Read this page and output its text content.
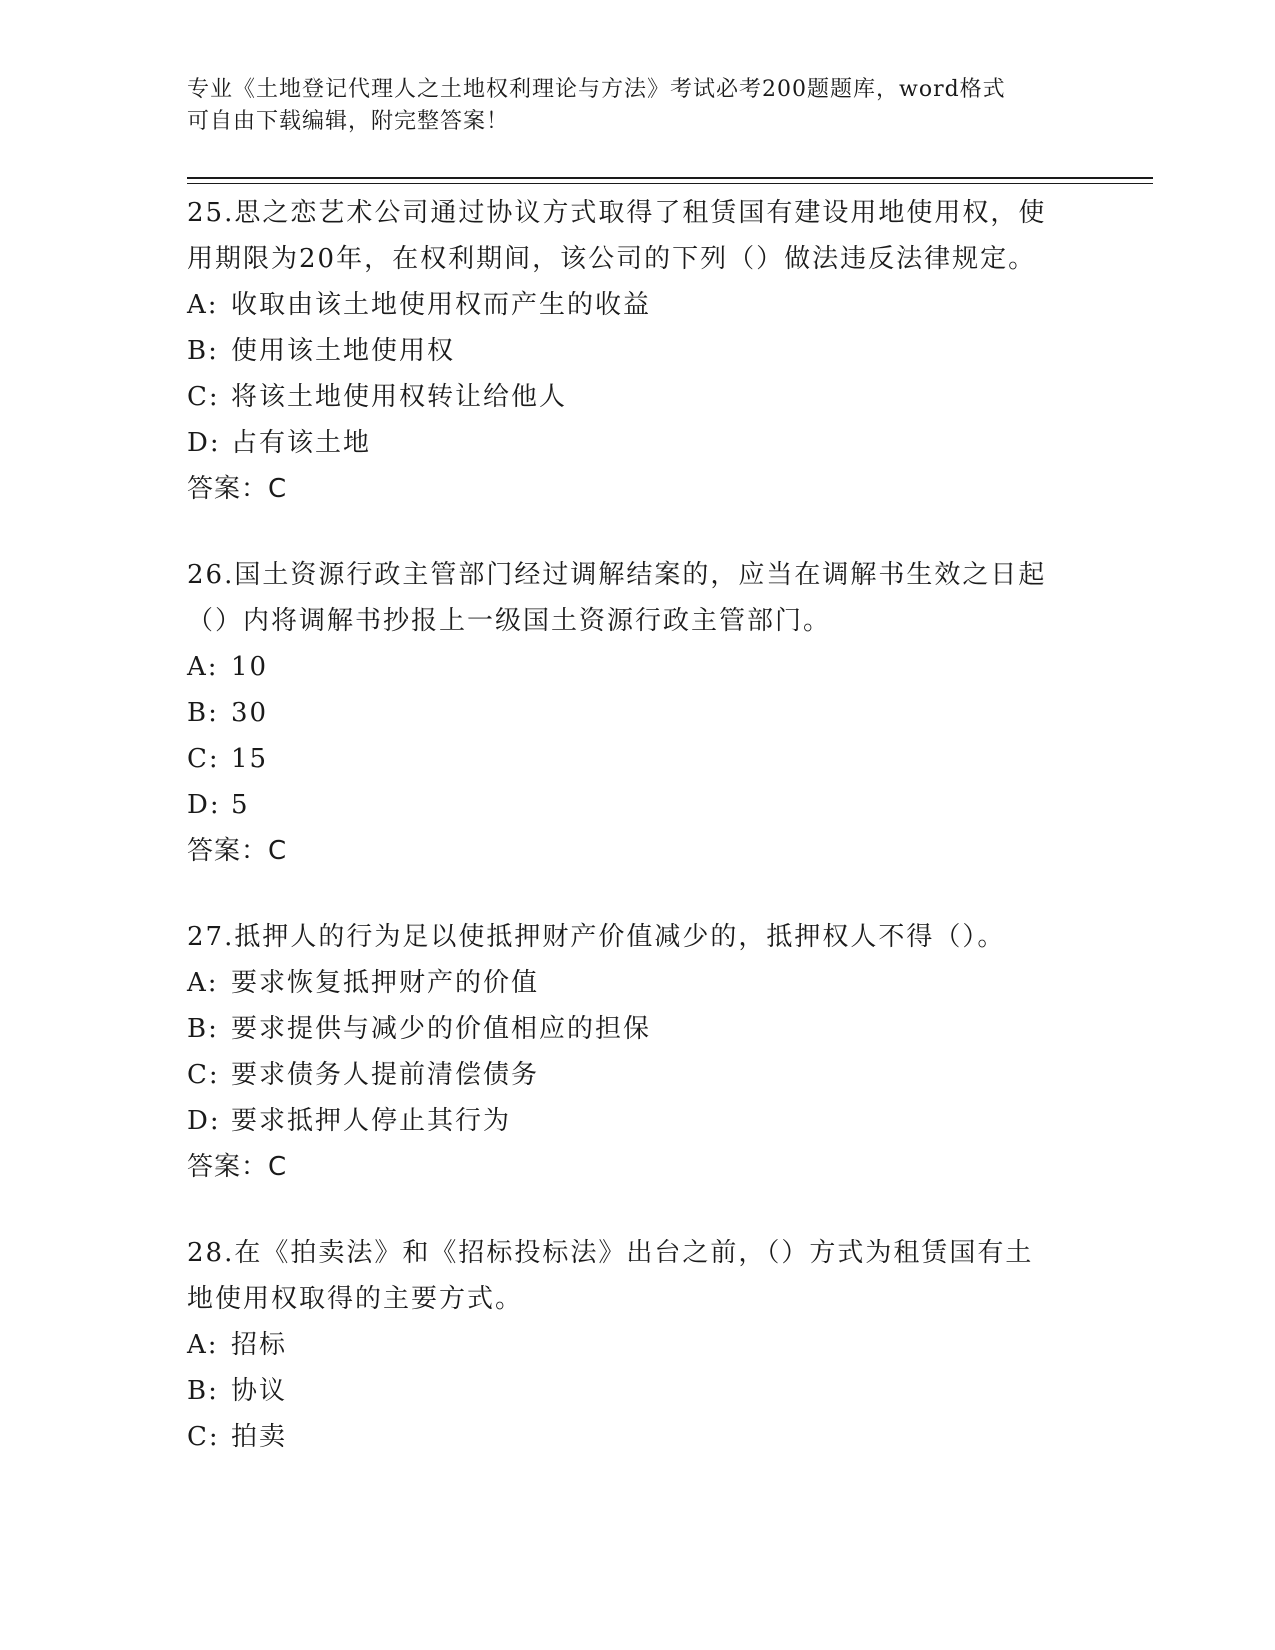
专业《土地登记代理人之土地权利理论与方法》考试必考200题题库，word格式
可自由下载编辑，附完整答案！

25.思之恋艺术公司通过协议方式取得了租赁国有建设用地使用权，使
用期限为20年，在权利期间，该公司的下列（）做法违反法律规定。

A: 收取由该土地使用权而产生的收益
B: 使用该土地使用权
C: 将该土地使用权转让给他人
D: 占有该土地
答案：C

26.国土资源行政主管部门经过调解结案的，应当在调解书生效之日起
（）内将调解书抄报上一级国土资源行政主管部门。

A: 10
B: 30
C: 15
D: 5
答案：C

27.抵押人的行为足以使抵押财产价值减少的，抵押权人不得（）。

A: 要求恢复抵押财产的价值
B: 要求提供与减少的价值相应的担保
C: 要求债务人提前清偿债务
D: 要求抵押人停止其行为
答案：C

28.在《拍卖法》和《招标投标法》出台之前，（）方式为租赁国有土
地使用权取得的主要方式。

A: 招标
B: 协议
C: 拍卖
